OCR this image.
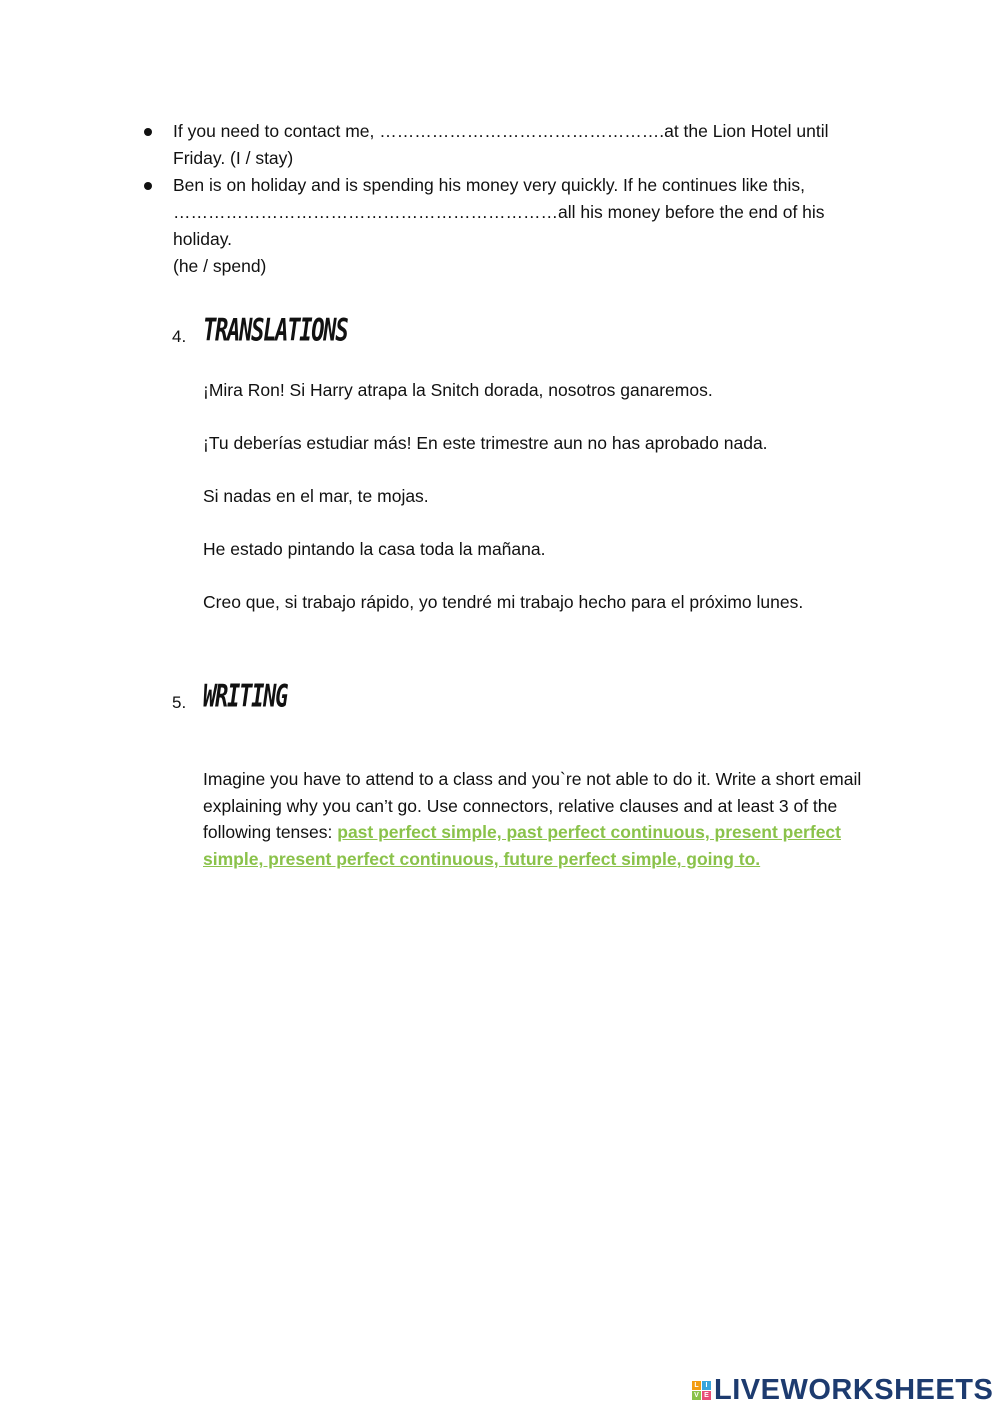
If you need to contact me, ………………………………………….at the Lion Hotel until
Friday. (I / stay)
Ben is on holiday and is spending his money very quickly. If he continues like this,
…………………………………………………………all his money before the end of his holiday.
(he / spend)
4. TRANSLATIONS
¡Mira Ron! Si Harry atrapa la Snitch dorada, nosotros ganaremos.
¡Tu deberías estudiar más! En este trimestre aun no has aprobado nada.
Si nadas en el mar, te mojas.
He estado pintando la casa toda la mañana.
Creo que, si trabajo rápido, yo tendré mi trabajo hecho para el próximo lunes.
5. WRITING

Imagine you have to attend to a class and you`re not able to do it. Write a short email explaining why you can’t go. Use connectors, relative clauses and at least 3 of the following tenses: past perfect simple, past perfect continuous, present perfect simple, present perfect continuous, future perfect simple, going to.

L I
V E LIVEWORKSHEETS
